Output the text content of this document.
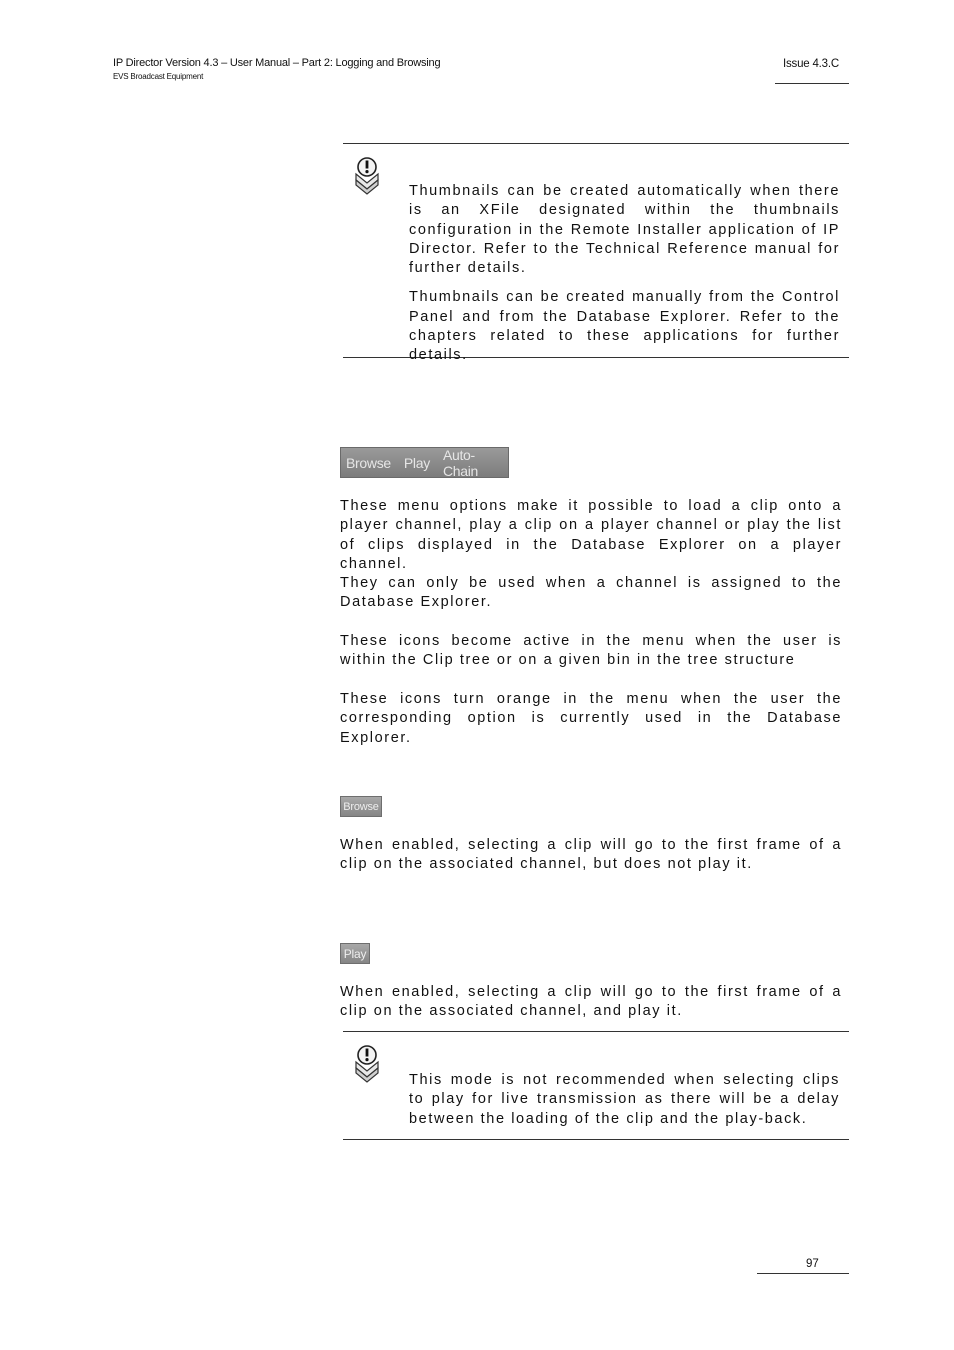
IP Director Version 4.3 – User Manual – Part 2: Logging and Browsing
EVS Broadcast Equipment
Issue 4.3.C

Thumbnails can be created automatically when there is an XFile designated within the thumbnails configuration in the Remote Installer application of IP Director. Refer to the Technical Reference manual for further details.

Thumbnails can be created manually from the Control Panel and from the Database Explorer. Refer to the chapters related to these applications for further details.

Browse Play Auto-Chain

These menu options make it possible to load a clip onto a player channel, play a clip on a player channel or play the list of clips displayed in the Database Explorer on a player channel.

They can only be used when a channel is assigned to the Database Explorer.

These icons become active in the menu when the user is within the Clip tree or on a given bin in the tree structure

These icons turn orange in the menu when the user the corresponding option is currently used in the Database Explorer.

Browse

When enabled, selecting a clip will go to the first frame of a clip on the associated channel, but does not play it.

Play

When enabled, selecting a clip will go to the first frame of a clip on the associated channel, and play it.

This mode is not recommended when selecting clips to play for live transmission as there will be a delay between the loading of the clip and the play-back.

97
